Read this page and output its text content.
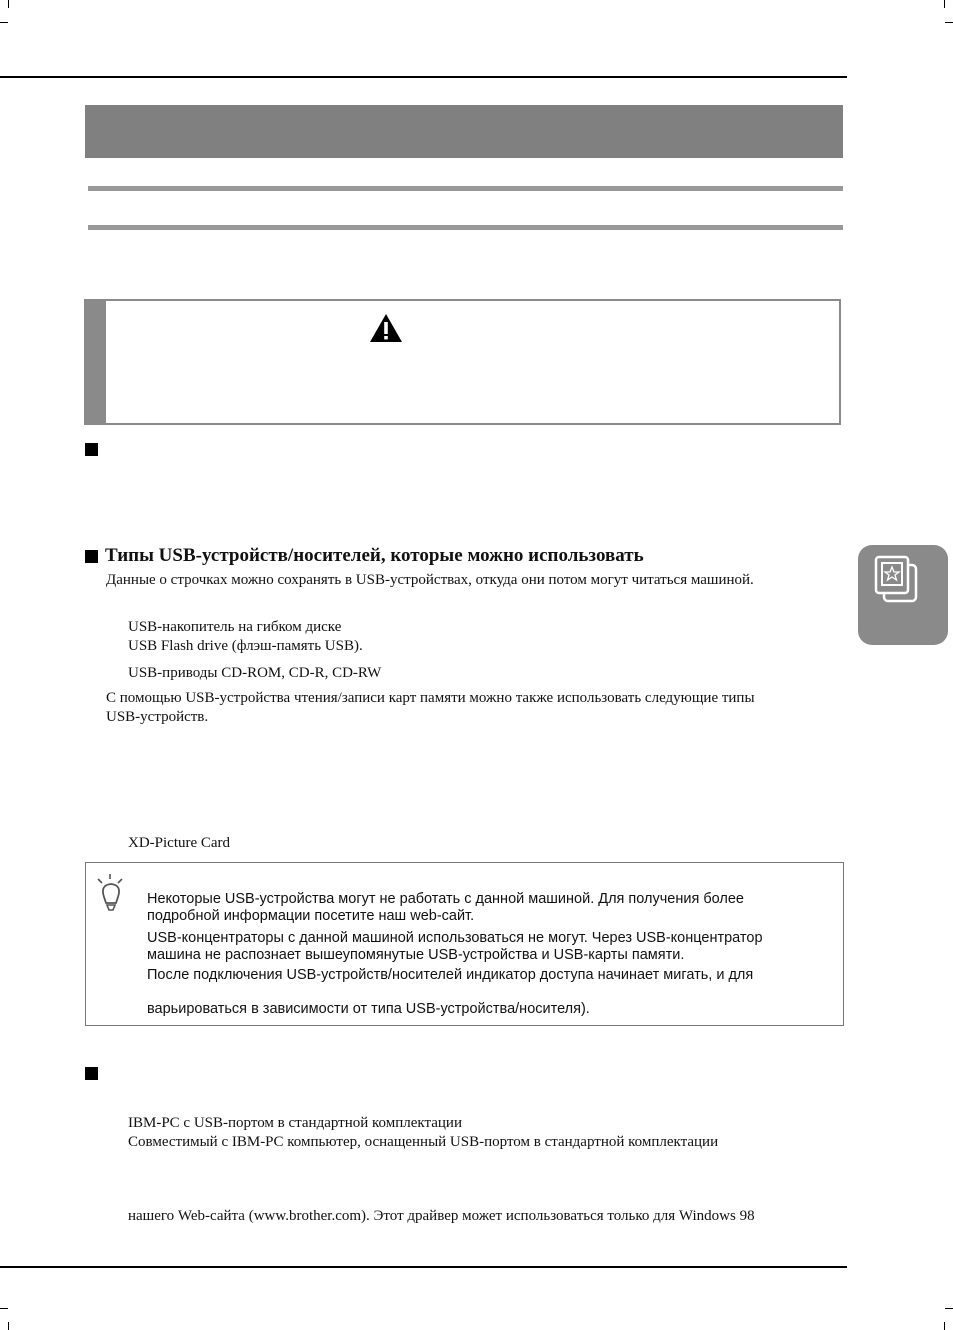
Типы USB-устройств/носителей, которые можно использовать
Данные о строчках можно сохранять в USB-устройствах, откуда они потом могут читаться машиной.
USB-накопитель на гибком диске
USB Flash drive (флэш-память USB).
USB-приводы CD-ROM, CD-R, CD-RW
С помощью USB-устройства чтения/записи карт памяти можно также использовать следующие типы
USB-устройств.
XD-Picture Card
Некоторые USB-устройства могут не работать с данной машиной. Для получения более
подробной информации посетите наш web-сайт.
USB-концентраторы с данной машиной использоваться не могут. Через USB-концентратор
машина не распознает вышеупомянутые USB-устройства и USB-карты памяти.
После подключения USB-устройств/носителей индикатор доступа начинает мигать, и для
варьироваться в зависимости от типа USB-устройства/носителя).
IBM-PC с USB-портом в стандартной комплектации
Совместимый с IBM-PC компьютер, оснащенный USB-портом в стандартной комплектации
нашего Web-сайта (www.brother.com). Этот драйвер может использоваться только для Windows 98
